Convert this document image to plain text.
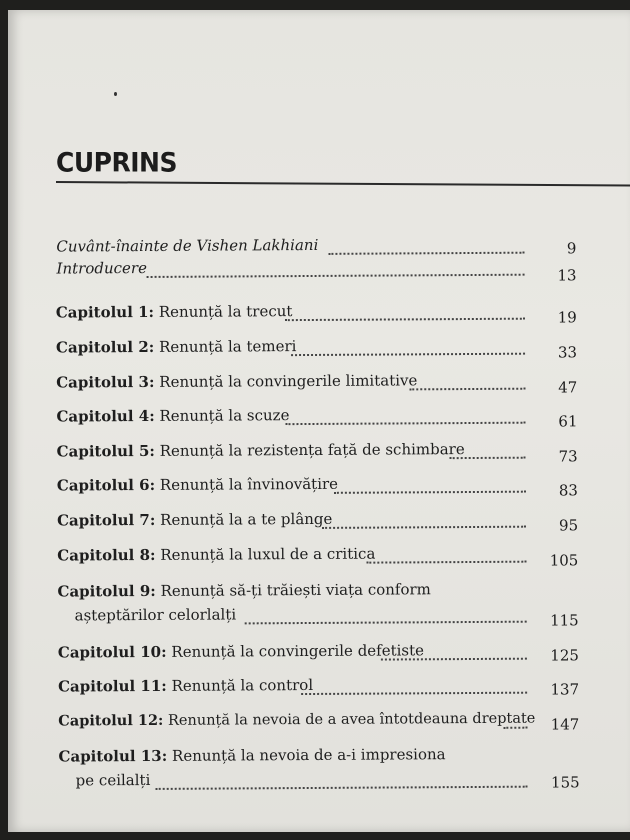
CUPRINS
Cuvânt-înainte de Vishen Lakhiani	9
Introducere	13
Capitolul 1: Renunță la trecut	19
Capitolul 2: Renunță la temeri	33
Capitolul 3: Renunță la convingerile limitative	47
Capitolul 4: Renunță la scuze	61
Capitolul 5: Renunță la rezistența față de schimbare	73
Capitolul 6: Renunță la învinovățire	83
Capitolul 7: Renunță la a te plânge	95
Capitolul 8: Renunță la luxul de a critica	105
Capitolul 9: Renunță să-ți trăiești viața conform
așteptărilor celorlalți	115
Capitolul 10: Renunță la convingerile defetiste	125
Capitolul 11: Renunță la control	137
Capitolul 12: Renunță la nevoia de a avea întotdeauna dreptate	147
Capitolul 13: Renunță la nevoia de a-i impresiona
pe ceilalți	155
